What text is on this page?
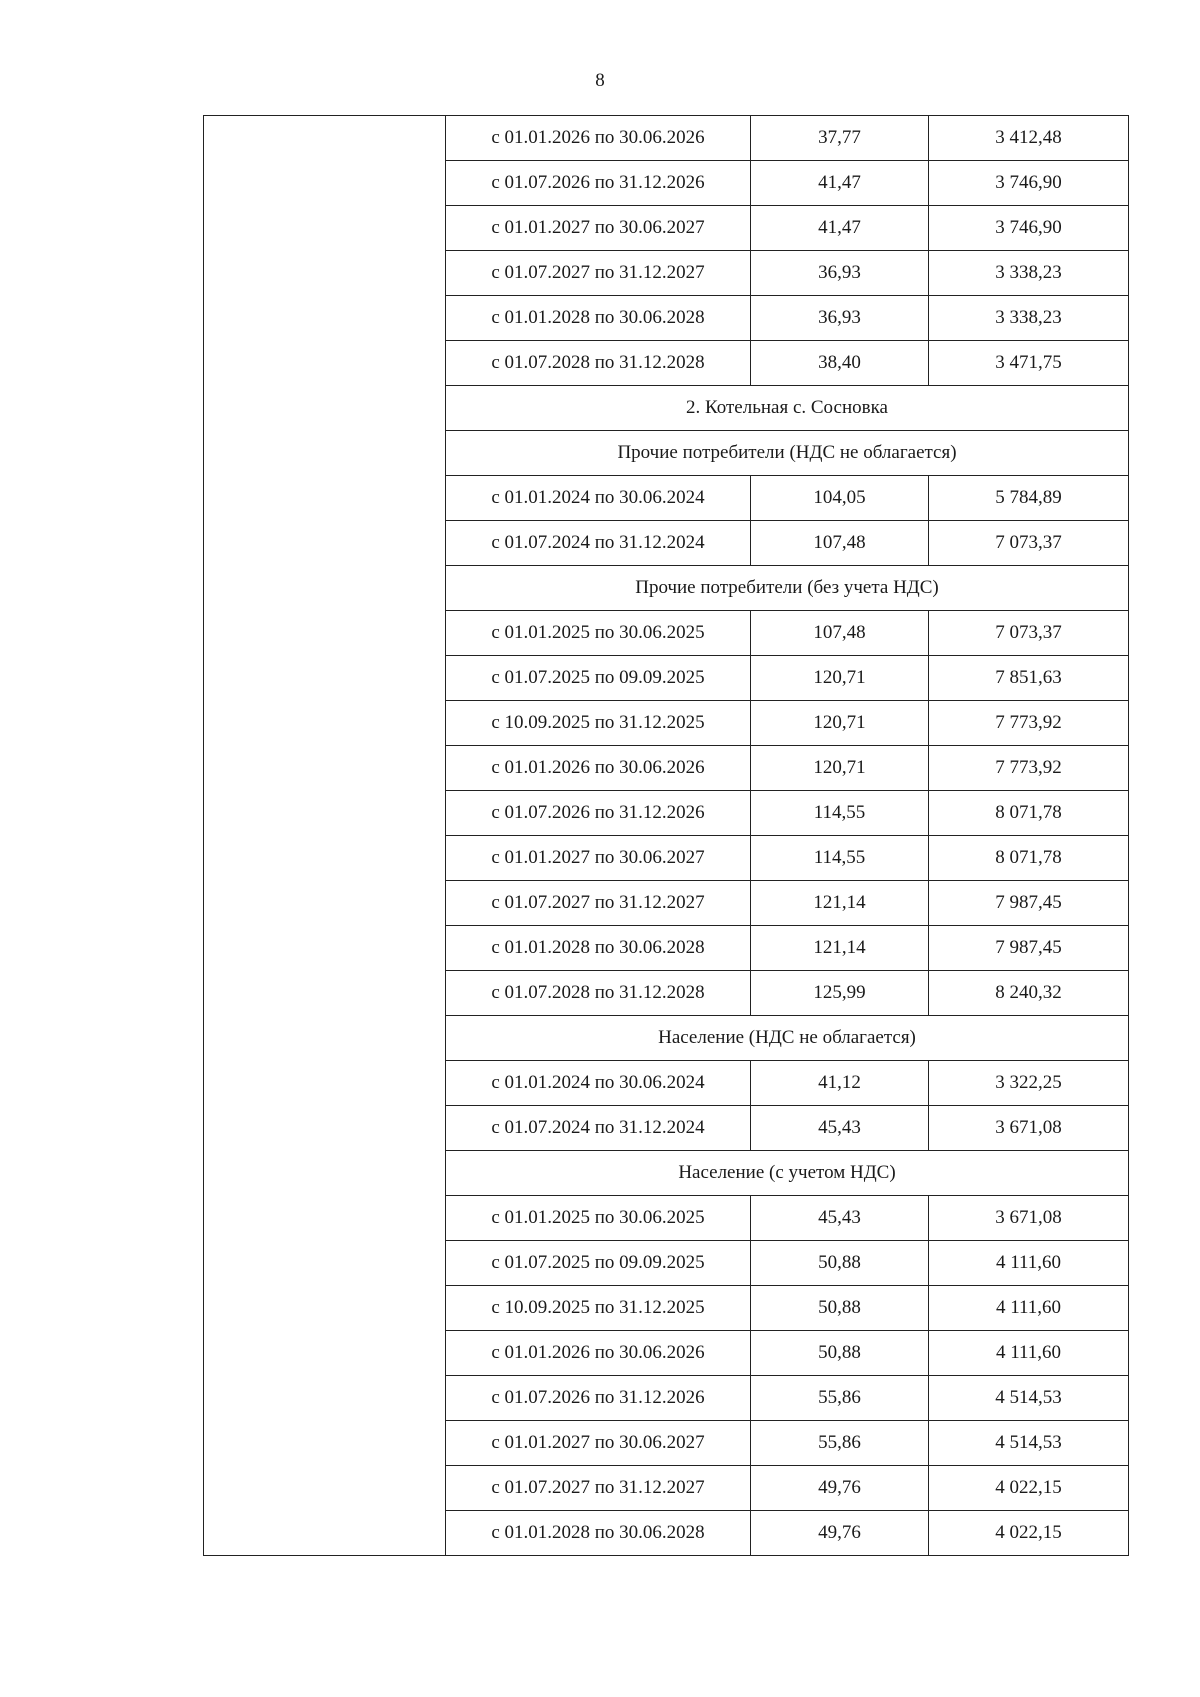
8
	с 01.01.2026 по 30.06.2026	37,77	3 412,48
	с 01.07.2026 по 31.12.2026	41,47	3 746,90
	с 01.01.2027 по 30.06.2027	41,47	3 746,90
	с 01.07.2027 по 31.12.2027	36,93	3 338,23
	с 01.01.2028 по 30.06.2028	36,93	3 338,23
	с 01.07.2028 по 31.12.2028	38,40	3 471,75
	2. Котельная с. Сосновка		
	Прочие потребители (НДС не облагается)		
	с 01.01.2024 по 30.06.2024	104,05	5 784,89
	с 01.07.2024 по 31.12.2024	107,48	7 073,37
	Прочие потребители (без учета НДС)		
	с 01.01.2025 по 30.06.2025	107,48	7 073,37
	с 01.07.2025 по 09.09.2025	120,71	7 851,63
	с 10.09.2025 по 31.12.2025	120,71	7 773,92
	с 01.01.2026 по 30.06.2026	120,71	7 773,92
	с 01.07.2026 по 31.12.2026	114,55	8 071,78
	с 01.01.2027 по 30.06.2027	114,55	8 071,78
	с 01.07.2027 по 31.12.2027	121,14	7 987,45
	с 01.01.2028 по 30.06.2028	121,14	7 987,45
	с 01.07.2028 по 31.12.2028	125,99	8 240,32
	Население (НДС не облагается)		
	с 01.01.2024 по 30.06.2024	41,12	3 322,25
	с 01.07.2024 по 31.12.2024	45,43	3 671,08
	Население (с учетом НДС)		
	с 01.01.2025 по 30.06.2025	45,43	3 671,08
	с 01.07.2025 по 09.09.2025	50,88	4 111,60
	с 10.09.2025 по 31.12.2025	50,88	4 111,60
	с 01.01.2026 по 30.06.2026	50,88	4 111,60
	с 01.07.2026 по 31.12.2026	55,86	4 514,53
	с 01.01.2027 по 30.06.2027	55,86	4 514,53
	с 01.07.2027 по 31.12.2027	49,76	4 022,15
	с 01.01.2028 по 30.06.2028	49,76	4 022,15
